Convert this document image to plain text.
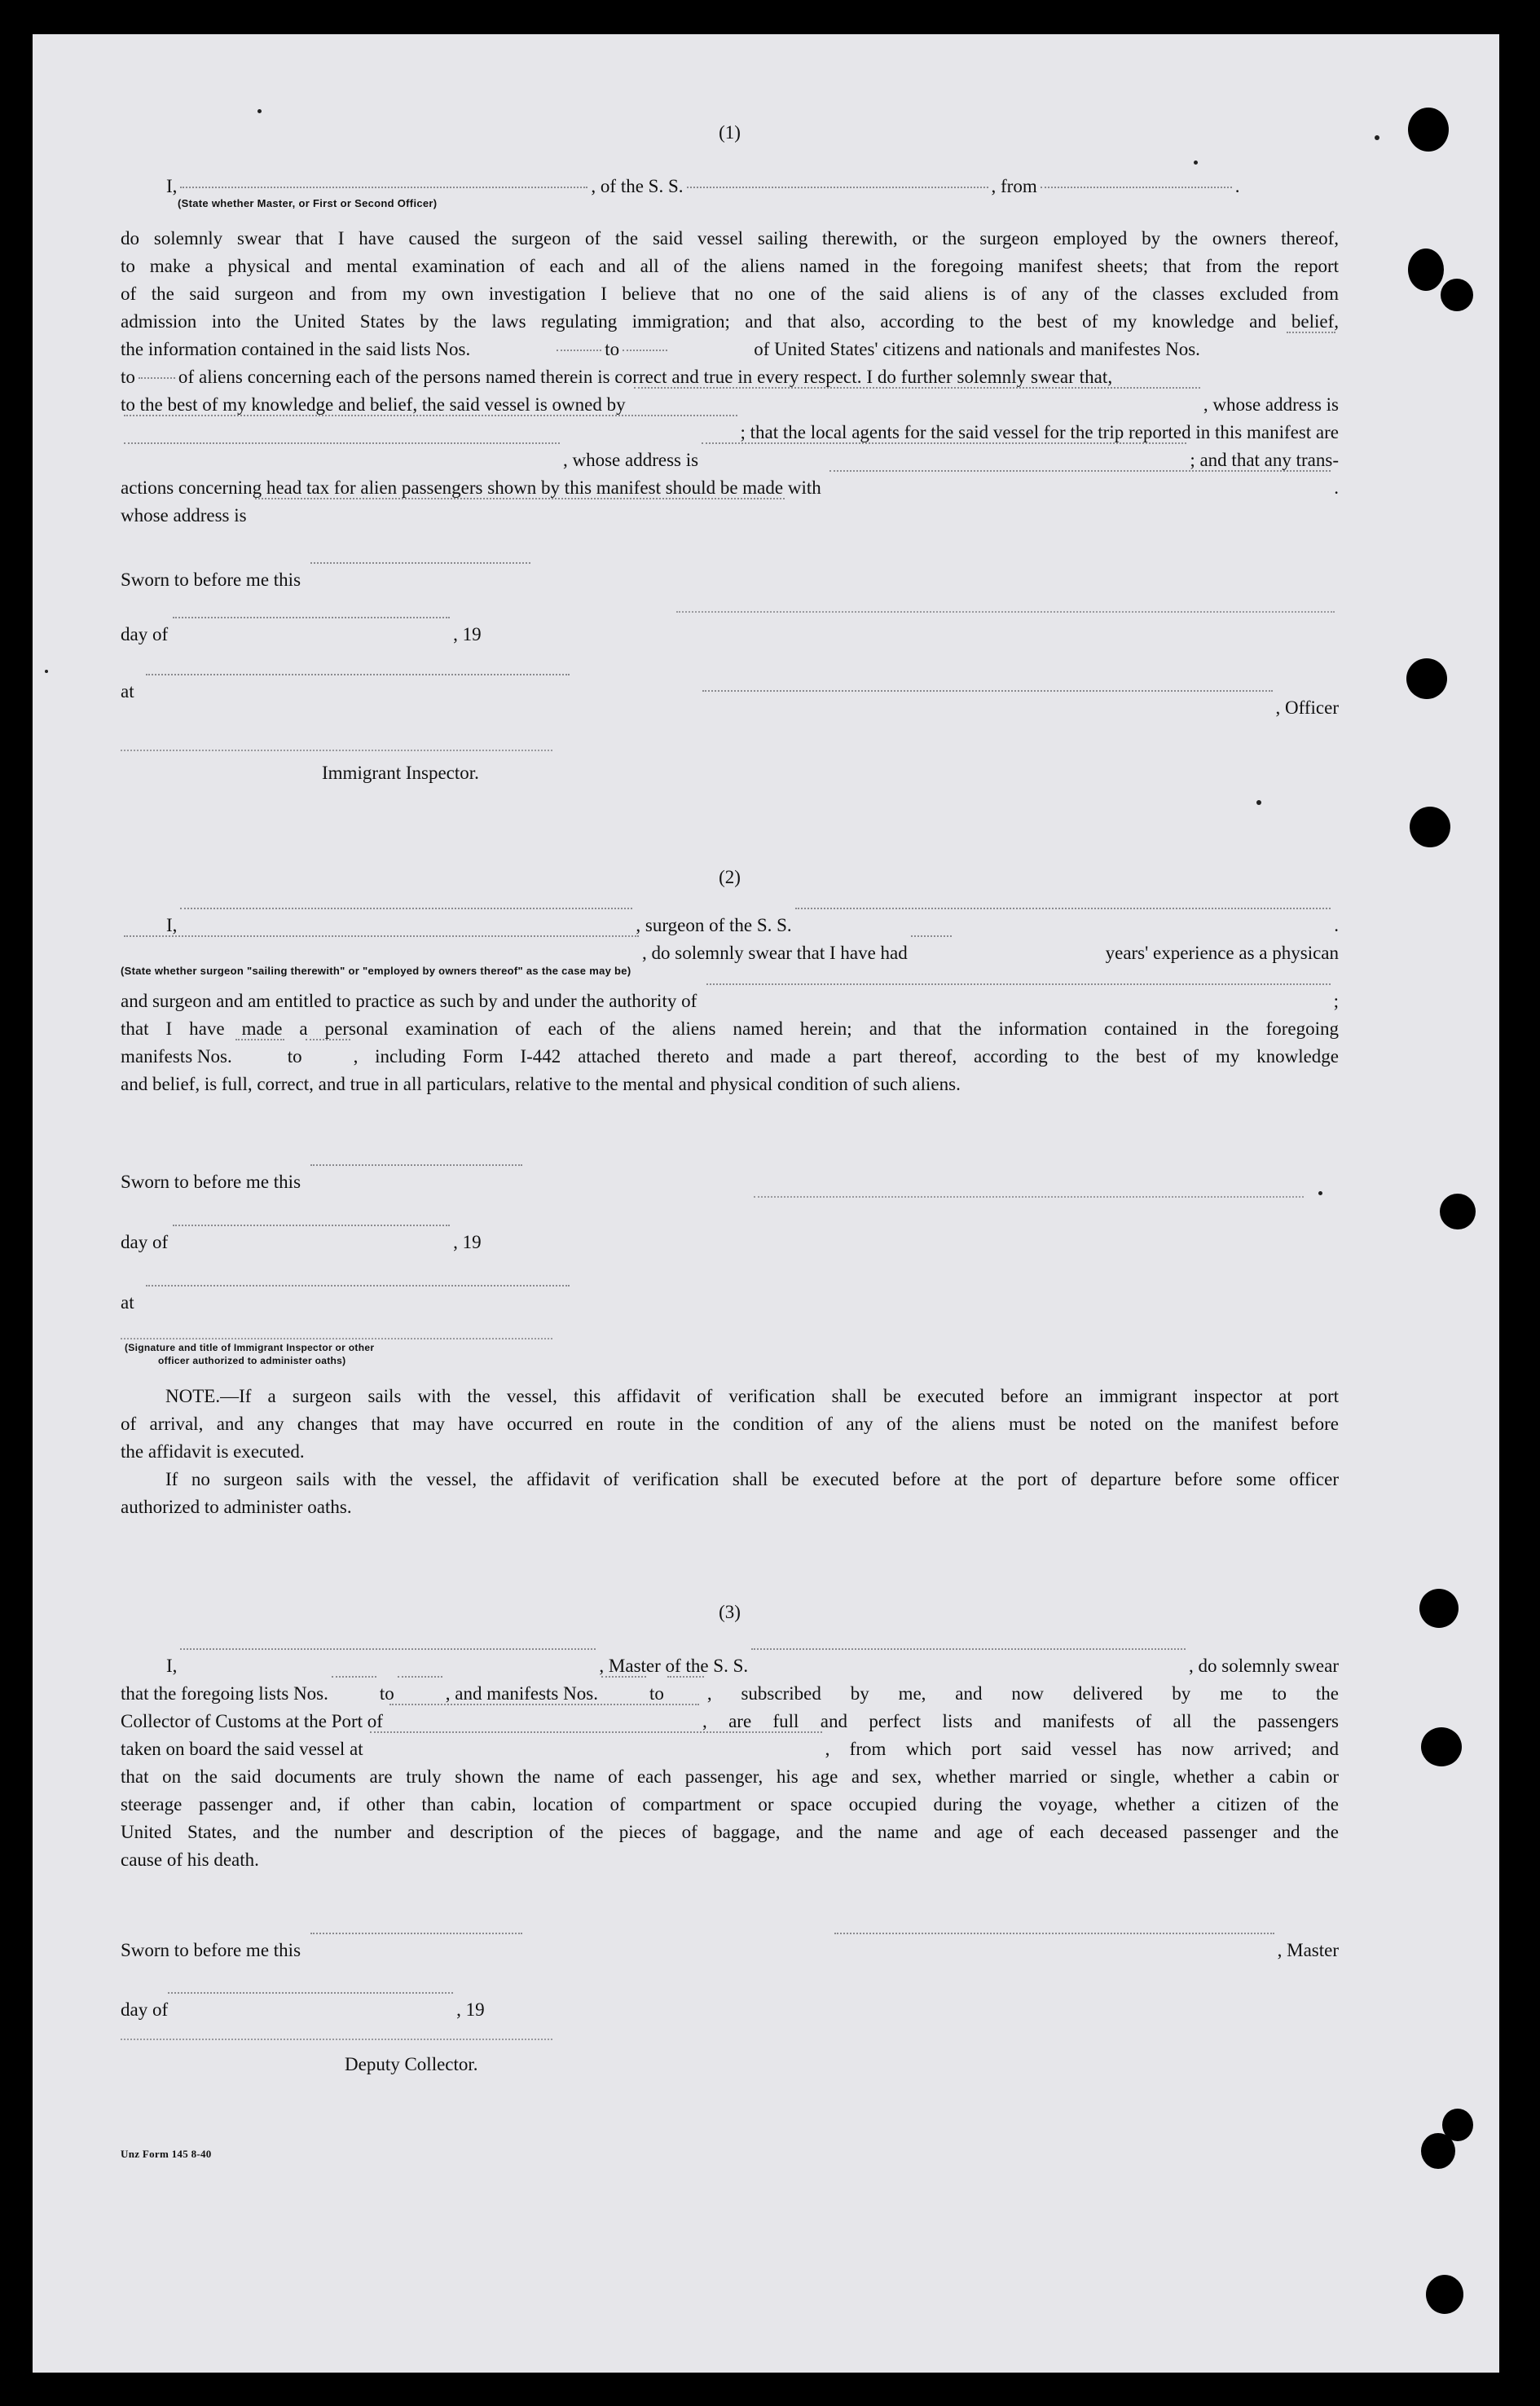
(1)
I,	, of the S. S.	, from	.
(State whether Master, or First or Second Officer)
do solemnly swear that I have caused the surgeon of the said vessel sailing therewith, or the surgeon employed by the owners thereof,
to make a physical and mental examination of each and all of the aliens named in the foregoing manifest sheets; that from the report
of the said surgeon and from my own investigation I believe that no one of the said aliens is of any of the classes excluded from
admission into the United States by the laws regulating immigration; and that also, according to the best of my knowledge and belief,
the information contained in the said lists Nos.	to	of United States' citizens and nationals and manifestes Nos.
to of aliens concerning each of the persons named therein is correct and true in every respect. I do further solemnly swear that,
to the best of my knowledge and belief, the said vessel is owned by	, whose address is
; that the local agents for the said vessel for the trip reported in this manifest are
, whose address is	; and that any trans-
actions concerning head tax for alien passengers shown by this manifest should be made with	.
whose address is
Sworn to before me this
day of	, 19
at
, Officer
Immigrant Inspector.
(2)
I,	, surgeon of the S. S.	.
, do solemnly swear that I have had	years' experience as a physican
(State whether surgeon "sailing therewith" or "employed by owners thereof" as the case may be)
and surgeon and am entitled to practice as such by and under the authority of	;
that I have made a personal examination of each of the aliens named herein; and that the information contained in the foregoing
manifests Nos.	to	, including Form I-442 attached thereto and made a part thereof, according to the best of my knowledge
and belief, is full, correct, and true in all particulars, relative to the mental and physical condition of such aliens.
Sworn to before me this
day of	, 19
at
(Signature and title of Immigrant Inspector or other
officer authorized to administer oaths)
NOTE.—If a surgeon sails with the vessel, this affidavit of verification shall be executed before an immigrant inspector at port
of arrival, and any changes that may have occurred en route in the condition of any of the aliens must be noted on the manifest before
the affidavit is executed.
If no surgeon sails with the vessel, the affidavit of verification shall be executed before at the port of departure before some officer
authorized to administer oaths.
(3)
I,	, Master of the S. S.	, do solemnly swear
that the foregoing lists Nos.	to	, and manifests Nos.	to , subscribed by me, and now delivered by me to the
Collector of Customs at the Port of	, are full and perfect lists and manifests of all the passengers
taken on board the said vessel at	, from which port said vessel has now arrived; and
that on the said documents are truly shown the name of each passenger, his age and sex, whether married or single, whether a cabin or
steerage passenger and, if other than cabin, location of compartment or space occupied during the voyage, whether a citizen of the
United States, and the number and description of the pieces of baggage, and the name and age of each deceased passenger and the
cause of his death.
Sworn to before me this	, Master
day of	, 19
Deputy Collector.
Unz Form 145 8-40
